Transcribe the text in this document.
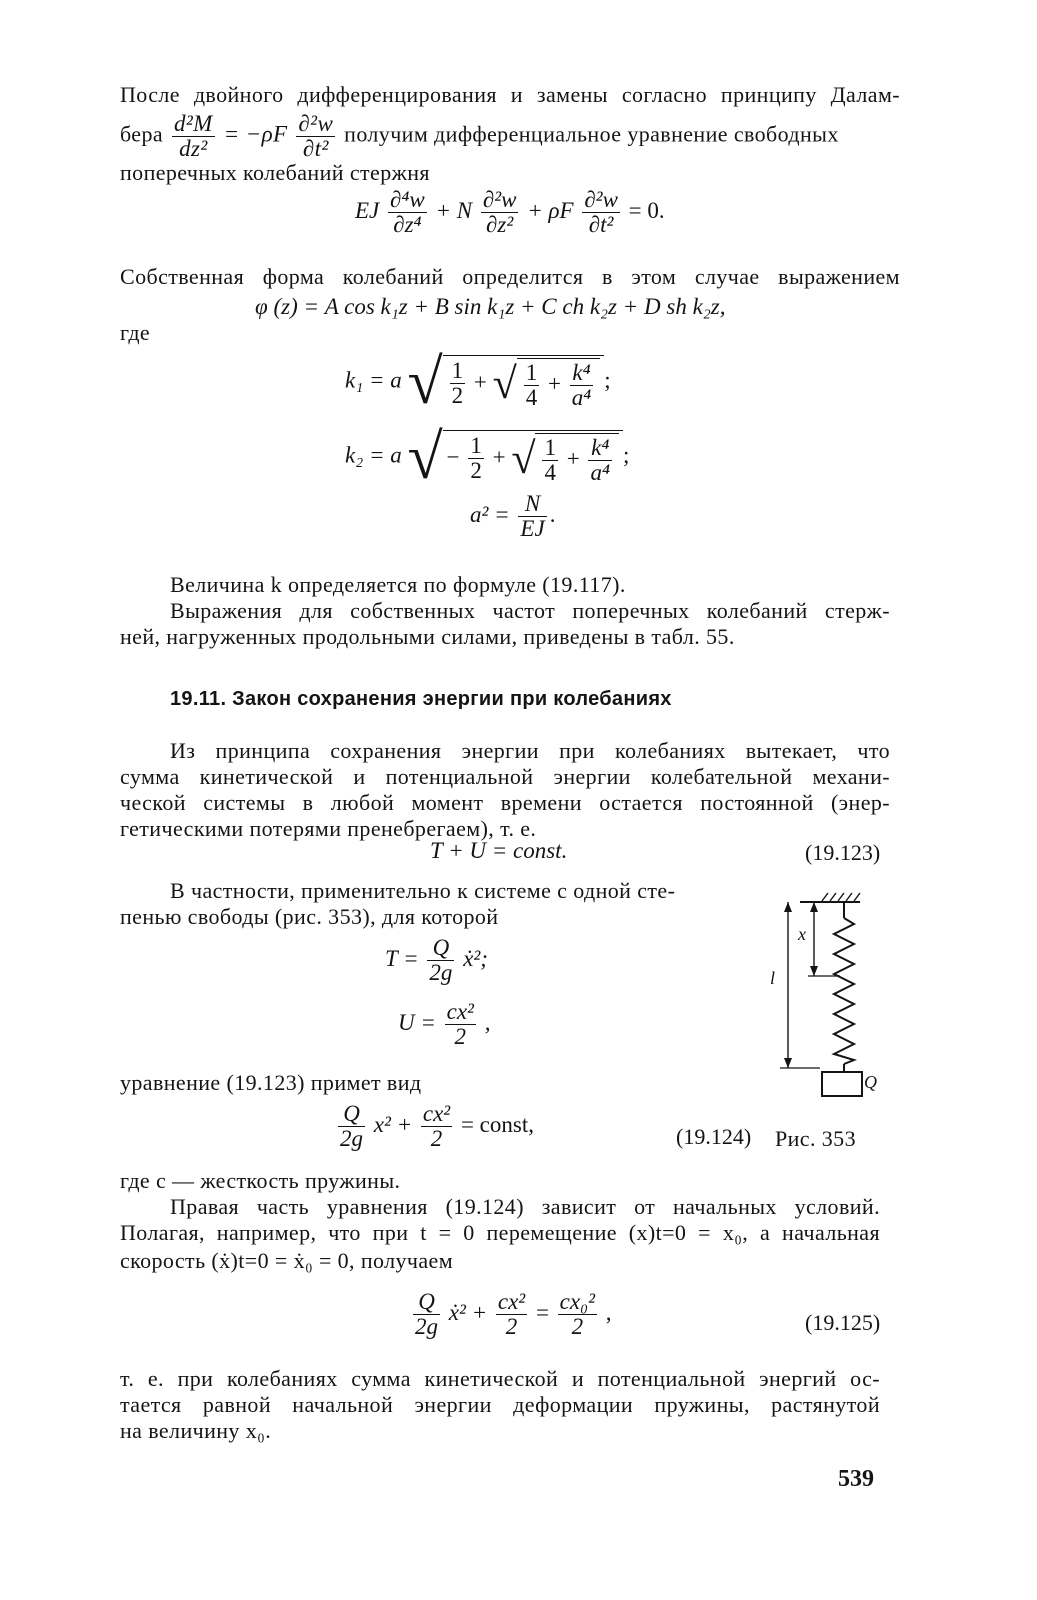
После двойного дифференцирования и замены согласно принципу Далам-
бера $\frac{\text{d²M}}{\text{dz²}} = -\rho F \frac{\text{∂²w}}{\text{∂t²}}$ получим дифференциальное уравнение свободных
поперечных колебаний стержня
EJ $\frac{\text{∂⁴w}}{\text{∂z⁴}} + N \frac{\text{∂²w}}{\text{∂z²}} + \rho F \frac{\text{∂²w}}{\text{∂t²}} = 0$.
Собственная форма колебаний определится в этом случае выражением
φ (z) = A cos k₁z + B sin k₁z + C ch k₂z + D sh k₂z,
где
k₁ = a √ $\frac{1}{2}$ + √ $\frac{1}{4} + \frac{\text{k⁴}}{\text{a⁴}}$ ;
k₂ = a √ − $\frac{1}{2}$ + √ $\frac{1}{4} + \frac{\text{k⁴}}{\text{a⁴}}$ ;
$a^2 = \frac{N}{EJ}$ .
Величина k определяется по формуле (19.117).
Выражения для собственных частот поперечных колебаний стерж-
ней, нагруженных продольными силами, приведены в табл. 55.
19.11. Закон сохранения энергии при колебаниях
Из принципа сохранения энергии при колебаниях вытекает, что
сумма кинетической и потенциальной энергии колебательной механи-
ческой системы в любой момент времени остается постоянной (энер-
гетическими потерями пренебрегаем), т. е.
T + U = const.	(19.123)
В частности, применительно к системе с одной сте-
пенью свободы (рис. 353), для которой
$T = \frac{Q}{2g}$ ẋ²;
$U = \frac{\text{cx²}}{2}$ ,
уравнение (19.123) примет вид
$\frac{Q}{2g} x^2 + \frac{\text{cx²}}{2}$ = const,	(19.124)
l
x
Q
Рис. 353
где c — жесткость пружины.
Правая часть уравнения (19.124) зависит от начальных условий.
Полагая, например, что при t = 0 перемещение (x)t=0 = x₀, а начальная
скорость (ẋ)t=0 = ẋ₀ = 0, получаем
$\frac{Q}{2g}$ ẋ² + $\frac{\text{cx²}}{2} = \frac{\text{cx₀²}}{2}$ ,	(19.125)
т. е. при колебаниях сумма кинетической и потенциальной энергий ос-
тается равной начальной энергии деформации пружины, растянутой
на величину x₀.
539
